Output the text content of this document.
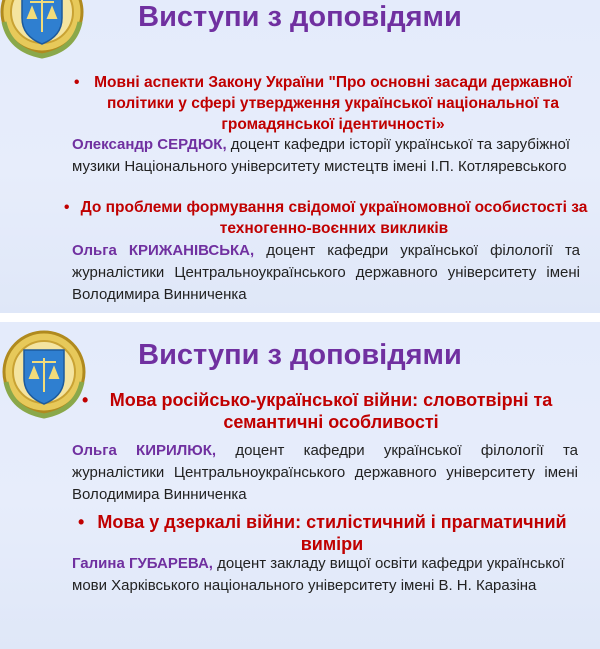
Виступи з доповідями
Виступи з доповідями
• Мовні аспекти Закону України "Про основні засади державної політики у сфері утвердження української національної та громадянської ідентичності»
Олександр СЕРДЮК, доцент кафедри історії української та зарубіжної музики Національного університету мистецтв імені І.П. Котляревського
• До проблеми формування свідомої україномовної особистості за техногенно-воєнних викликів
Ольга КРИЖАНІВСЬКА, доцент кафедри української філології та журналістики Центральноукраїнського державного університету імені Володимира Винниченка
• Мова російсько-української війни: словотвірні та семантичні особливості
Ольга КИРИЛЮК, доцент кафедри української філології та журналістики Центральноукраїнського державного університету імені Володимира Винниченка
• Мова у дзеркалі війни: стилістичний і прагматичний виміри
Галина ГУБАРЕВА, доцент закладу вищої освіти кафедри української мови Харківського національного університету імені В. Н. Каразіна
